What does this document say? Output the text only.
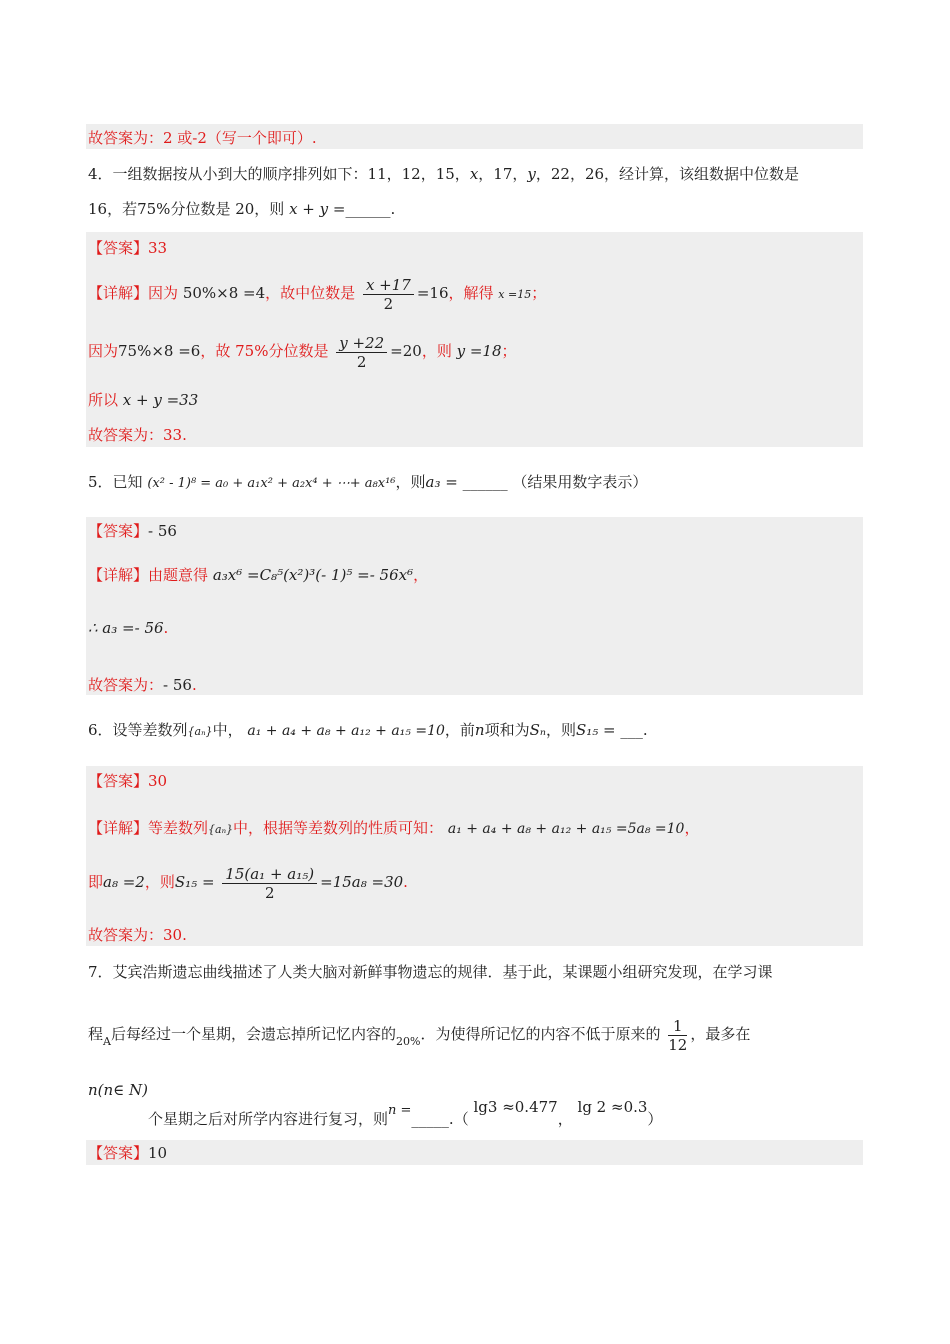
故答案为：2 或-2（写一个即可）.
4．一组数据按从小到大的顺序排列如下：11，12，15，x，17，y，22，26，经计算，该组数据中位数是
16，若75%分位数是 20，则 x + y =______.
【答案】33
【详解】因为 50%×8 =4，故中位数是 $\frac{x +17}{2} =16$，解得 x =15；
因为75%×8 =6，故 75%分位数是 $\frac{y +22}{2} =20$，则 y =18；
所以 x + y =33
故答案为：33.
5．已知 (x² - 1)⁸ = a₀ + a₁x² + a₂x⁴ + ⋯+ a₈x¹⁶，则a₃ = ______ （结果用数字表示）
【答案】- 56
【详解】由题意得 a₃x⁶ =C₈⁵(x²)³(- 1)⁵ =- 56x⁶，
∴ a₃ =- 56.
故答案为：- 56.
6．设等差数列{aₙ}中， a₁ + a₄ + a₈ + a₁₂ + a₁₅ =10，前n项和为Sₙ，则S₁₅ = ___.
【答案】30
【详解】等差数列{aₙ}中，根据等差数列的性质可知： a₁ + a₄ + a₈ + a₁₂ + a₁₅ =5a₈ =10，
即a₈ =2，则$S_{15} = \frac{\text{15(a₁ + a₁₅)}}{2} =15a_8 =30$.
故答案为：30.
7．艾宾浩斯遗忘曲线描述了人类大脑对新鲜事物遗忘的规律．基于此，某课题小组研究发现，在学习课
程$_A$后每经过一个星期，会遗忘掉所记忆内容的$_{20\%}$．为使得所记忆的内容不低于原来的 $\frac{1}{12}$ ，最多在
n(n∈ N)
个星期之后对所学内容进行复习，则n =_____.（ lg3 ≈0.477， lg 2 ≈0.3）
【答案】10
